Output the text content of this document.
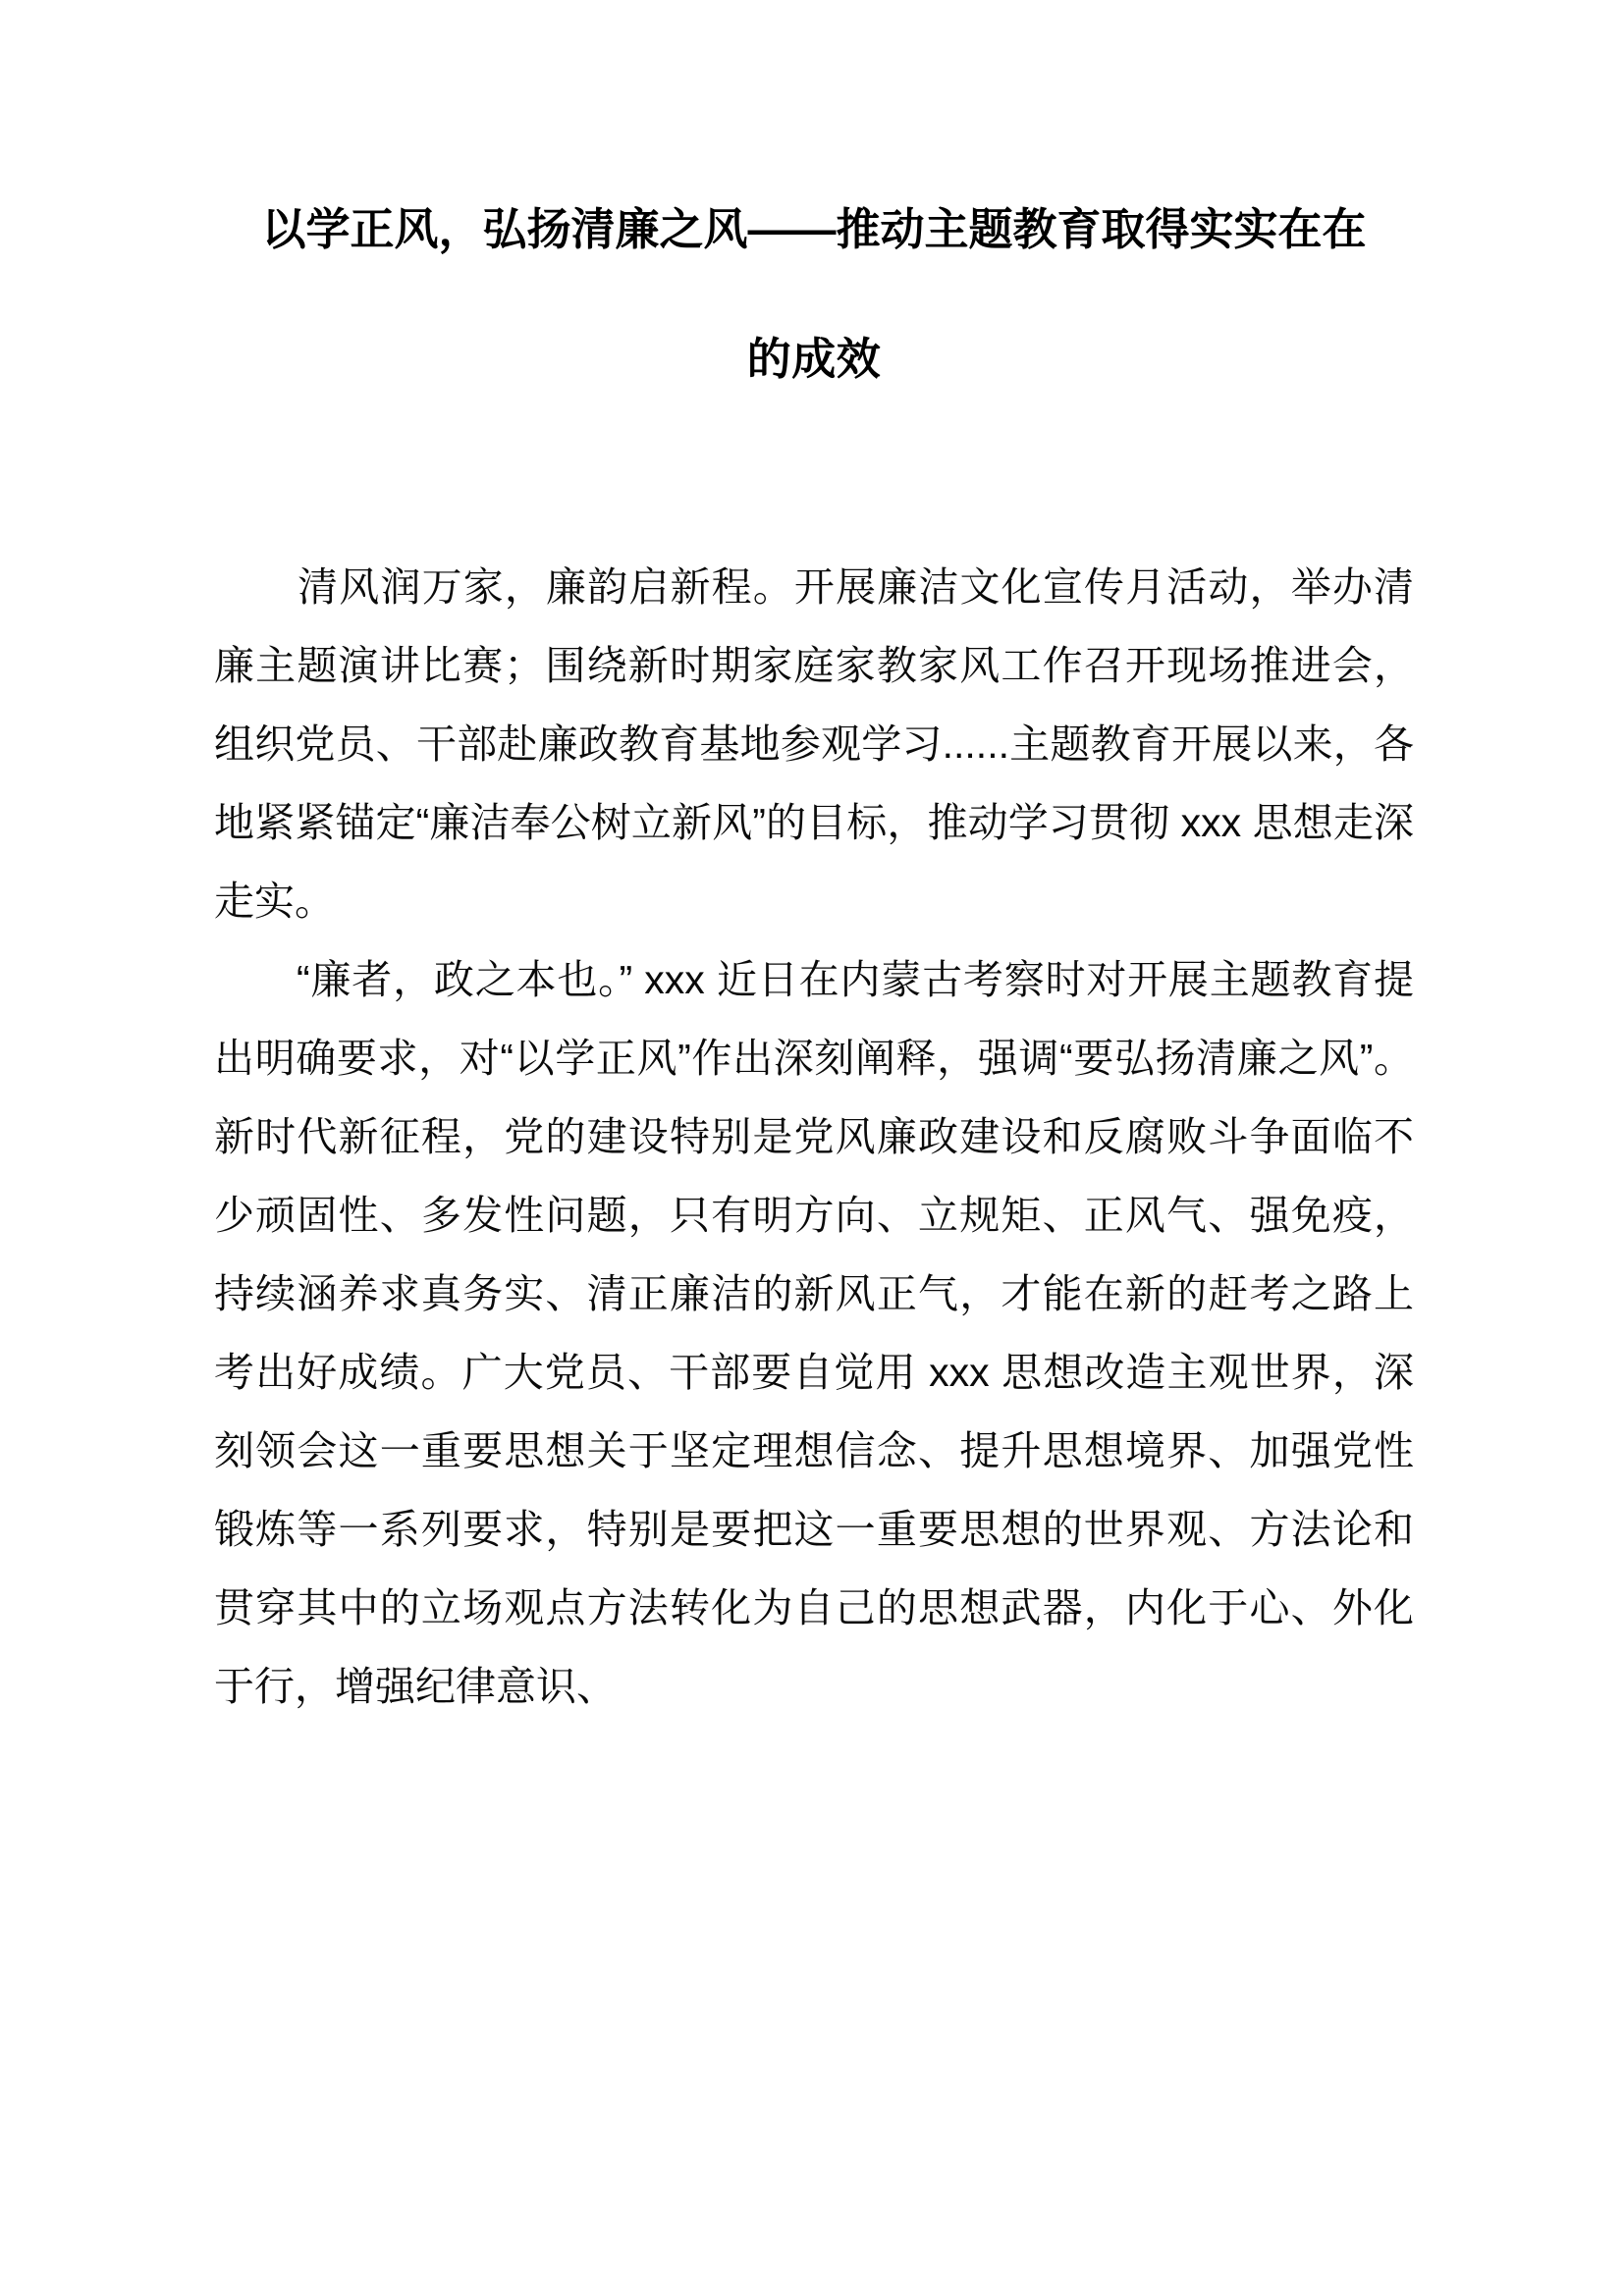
以学正风，弘扬清廉之风——推动主题教育取得实实在在
的成效

清风润万家，廉韵启新程。开展廉洁文化宣传月活动，举办清廉主题演讲比赛；围绕新时期家庭家教家风工作召开现场推进会，组织党员、干部赴廉政教育基地参观学习......主题教育开展以来，各地紧紧锚定“廉洁奉公树立新风”的目标，推动学习贯彻 xxx 思想走深走实。

“廉者，政之本也。” xxx 近日在内蒙古考察时对开展主题教育提出明确要求，对“以学正风”作出深刻阐释，强调“要弘扬清廉之风”。新时代新征程，党的建设特别是党风廉政建设和反腐败斗争面临不少顽固性、多发性问题，只有明方向、立规矩、正风气、强免疫，持续涵养求真务实、清正廉洁的新风正气，才能在新的赶考之路上考出好成绩。广大党员、干部要自觉用 xxx 思想改造主观世界，深刻领会这一重要思想关于坚定理想信念、提升思想境界、加强党性锻炼等一系列要求，特别是要把这一重要思想的世界观、方法论和贯穿其中的立场观点方法转化为自己的思想武器，内化于心、外化于行，增强纪律意识、
